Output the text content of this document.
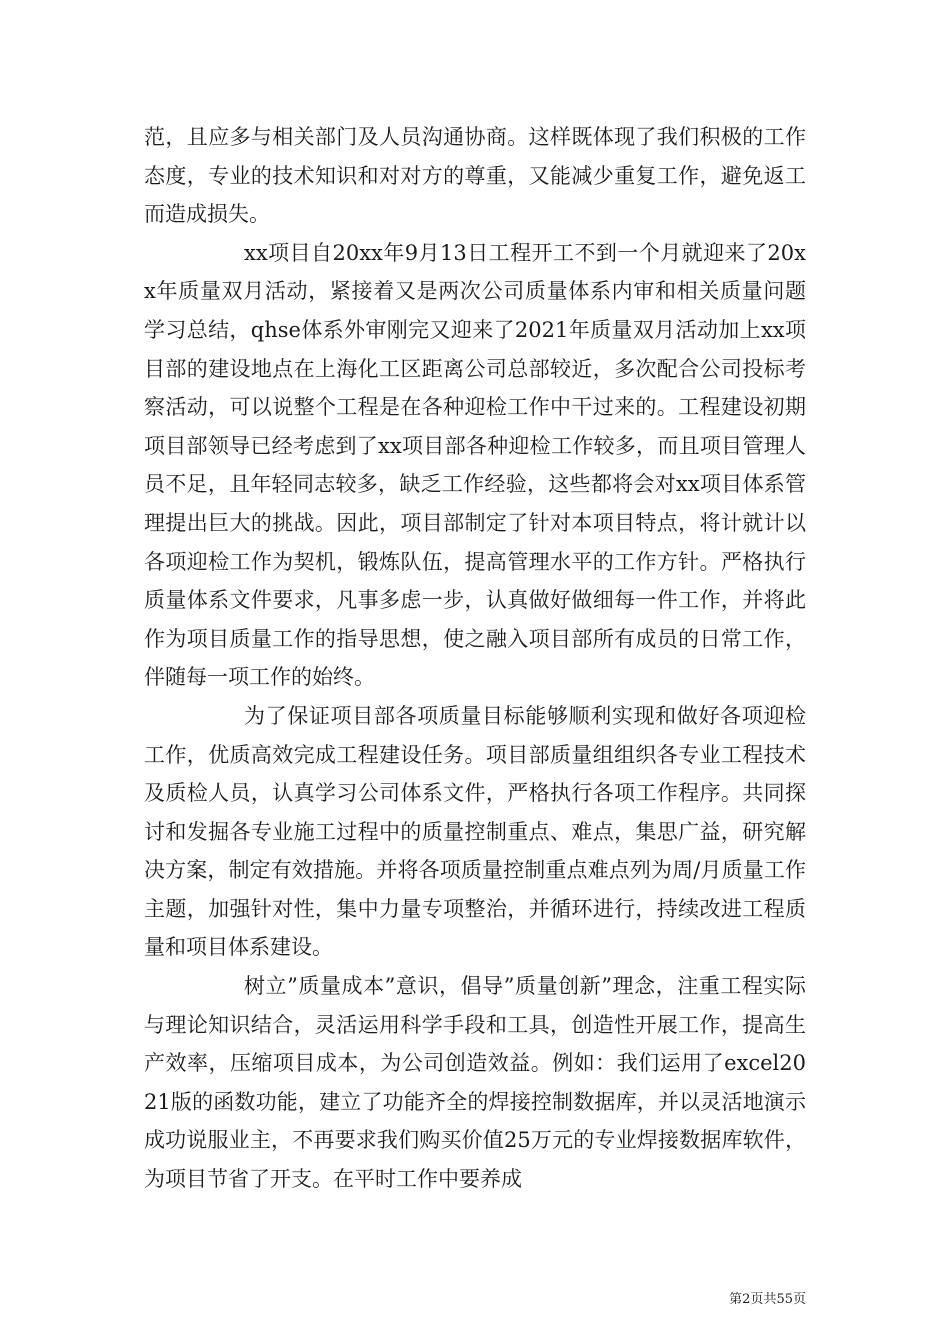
范，且应多与相关部门及人员沟通协商。这样既体现了我们积极的工作态度，专业的技术知识和对对方的尊重，又能减少重复工作，避免返工而造成损失。

xx项目自20xx年9月13日工程开工不到一个月就迎来了20xx年质量双月活动，紧接着又是两次公司质量体系内审和相关质量问题学习总结，qhse体系外审刚完又迎来了2021年质量双月活动加上xx项目部的建设地点在上海化工区距离公司总部较近，多次配合公司投标考察活动，可以说整个工程是在各种迎检工作中干过来的。工程建设初期项目部领导已经考虑到了xx项目部各种迎检工作较多，而且项目管理人员不足，且年轻同志较多，缺乏工作经验，这些都将会对xx项目体系管理提出巨大的挑战。因此，项目部制定了针对本项目特点，将计就计以各项迎检工作为契机，锻炼队伍，提高管理水平的工作方针。严格执行质量体系文件要求，凡事多虑一步，认真做好做细每一件工作，并将此作为项目质量工作的指导思想，使之融入项目部所有成员的日常工作，伴随每一项工作的始终。

为了保证项目部各项质量目标能够顺利实现和做好各项迎检工作，优质高效完成工程建设任务。项目部质量组组织各专业工程技术及质检人员，认真学习公司体系文件，严格执行各项工作程序。共同探讨和发掘各专业施工过程中的质量控制重点、难点，集思广益，研究解决方案，制定有效措施。并将各项质量控制重点难点列为周/月质量工作主题，加强针对性，集中力量专项整治，并循环进行，持续改进工程质量和项目体系建设。

树立”质量成本”意识，倡导”质量创新”理念，注重工程实际与理论知识结合，灵活运用科学手段和工具，创造性开展工作，提高生产效率，压缩项目成本，为公司创造效益。例如：我们运用了excel2021版的函数功能，建立了功能齐全的焊接控制数据库，并以灵活地演示成功说服业主，不再要求我们购买价值25万元的专业焊接数据库软件，为项目节省了开支。在平时工作中要养成

第2页共55页
